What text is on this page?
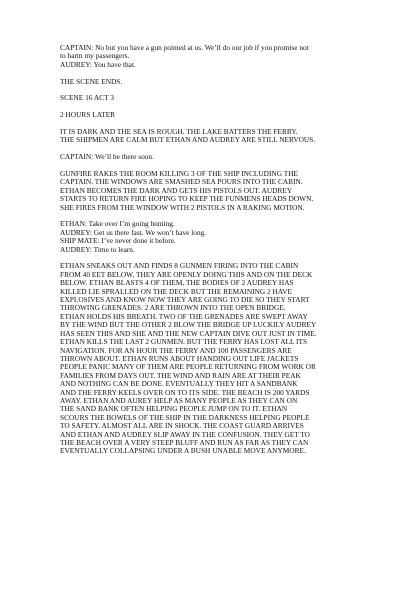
CAPTAIN: No but you have a gun pointed at us. We’ll do our job if you promise not
to harm my passengers.
AUDREY: You have that.
THE SCENE ENDS.
SCENE 16 ACT 3
2 HOURS LATER
IT IS DARK AND THE SEA IS ROUGH. THE LAKE BATTERS THE FERRY.
THE SHIPMEN ARE CALM BUT ETHAN AND AUDREY ARE STILL NERVOUS.
CAPTAIN: We’ll be there soon.
GUNFIRE RAKES THE ROOM KILLING 3 OF THE SHIP INCLUDING THE
CAPTAIN. THE WINDOWS ARE SMASHED SEA POURS INTO THE CABIN.
ETHAN BECOMES THE DARK AND GETS HIS PISTOLS OUT. AUDREY
STARTS TO RETURN FIRE HOPING TO KEEP THE FUNMENS HEADS DOWN.
SHE FIRES FROM THE WINDOW WITH 2 PISTOLS IN A RAKING MOTION.
ETHAN: Take over I’m going hunting.
AUDREY: Get us there fast. We won’t have long.
SHIP MATE: I’ve never done it before.
AUDREY: Time to learn.
ETHAN SNEAKS OUT AND FINDS 8 GUNMEN FIRING INTO THE CABIN
FROM 40 EET BELOW, THEY ARE OPENLY DOING THIS AND ON THE DECK
BELOW. ETHAN BLASTS 4 OF THEM, THE BODIES OF 2 AUDREY HAS
KILLED LIE SPRALLED ON THE DECK BUT THE REMAINING 2 HAVE
EXPLOSIVES AND KNOW NOW THEY ARE GOING TO DIE SO THEY START
THROWING GRENADES. 2 ARE THROWN INTO THE OPEN BRIDGE.
ETHAN HOLDS HIS BREATH. TWO OF THE GRENADES ARE SWEPT AWAY
BY THE WIND BUT THE OTHER 2 BLOW THE BRIDGE UP LUCKILY AUDREY
HAS SEEN THIS AND SHE AND THE NEW CAPTAIN DIVE OUT JUST IN TIME.
ETHAN KILLS THE LAST 2 GUNMEN. BUT THE FERRY HAS LOST ALL ITS
NAVIGATION. FOR AN HOUR THE FERRY AND 100 PASSENGERS ARE
THROWN ABOUT. ETHAN RUNS ABOUT HANDING OUT LIFE JACKETS
PEOPLE PANIC MANY OF THEM ARE PEOPLE RETURNING FROM WORK OR
FAMILIES FROM DAYS OUT. THE WIND AND RAIN ARE AT THEIR PEAK
AND NOTHING CAN BE DONE. EVENTUALLY THEY HIT A SANDBANK
AND THE FERRY KEELS OVER ON TO ITS SIDE. THE BEACH IS 200 YARDS
AWAY. ETHAN AND AUREY HELP AS MANY PEOPLE AS THEY CAN ON
THE SAND BANK OFTEN HELPING PEOPLE JUMP ON TO IT. ETHAN
SCOURS THE BOWELS OF THE SHIP IN THE DARKNESS HELPING PEOPLE
TO SAFETY. ALMOST ALL ARE IN SHOCK. THE COAST GUARD ARRIVES
AND ETHAN AND AUDREY SLIP AWAY IN THE CONFUSION. THEY GET TO
THE BEACH OVER A VERY STEEP BLUFF AND RUN AS FAR AS THEY CAN
EVENTUALLY COLLAPSING UNDER A BUSH UNABLE MOVE ANYMORE.
